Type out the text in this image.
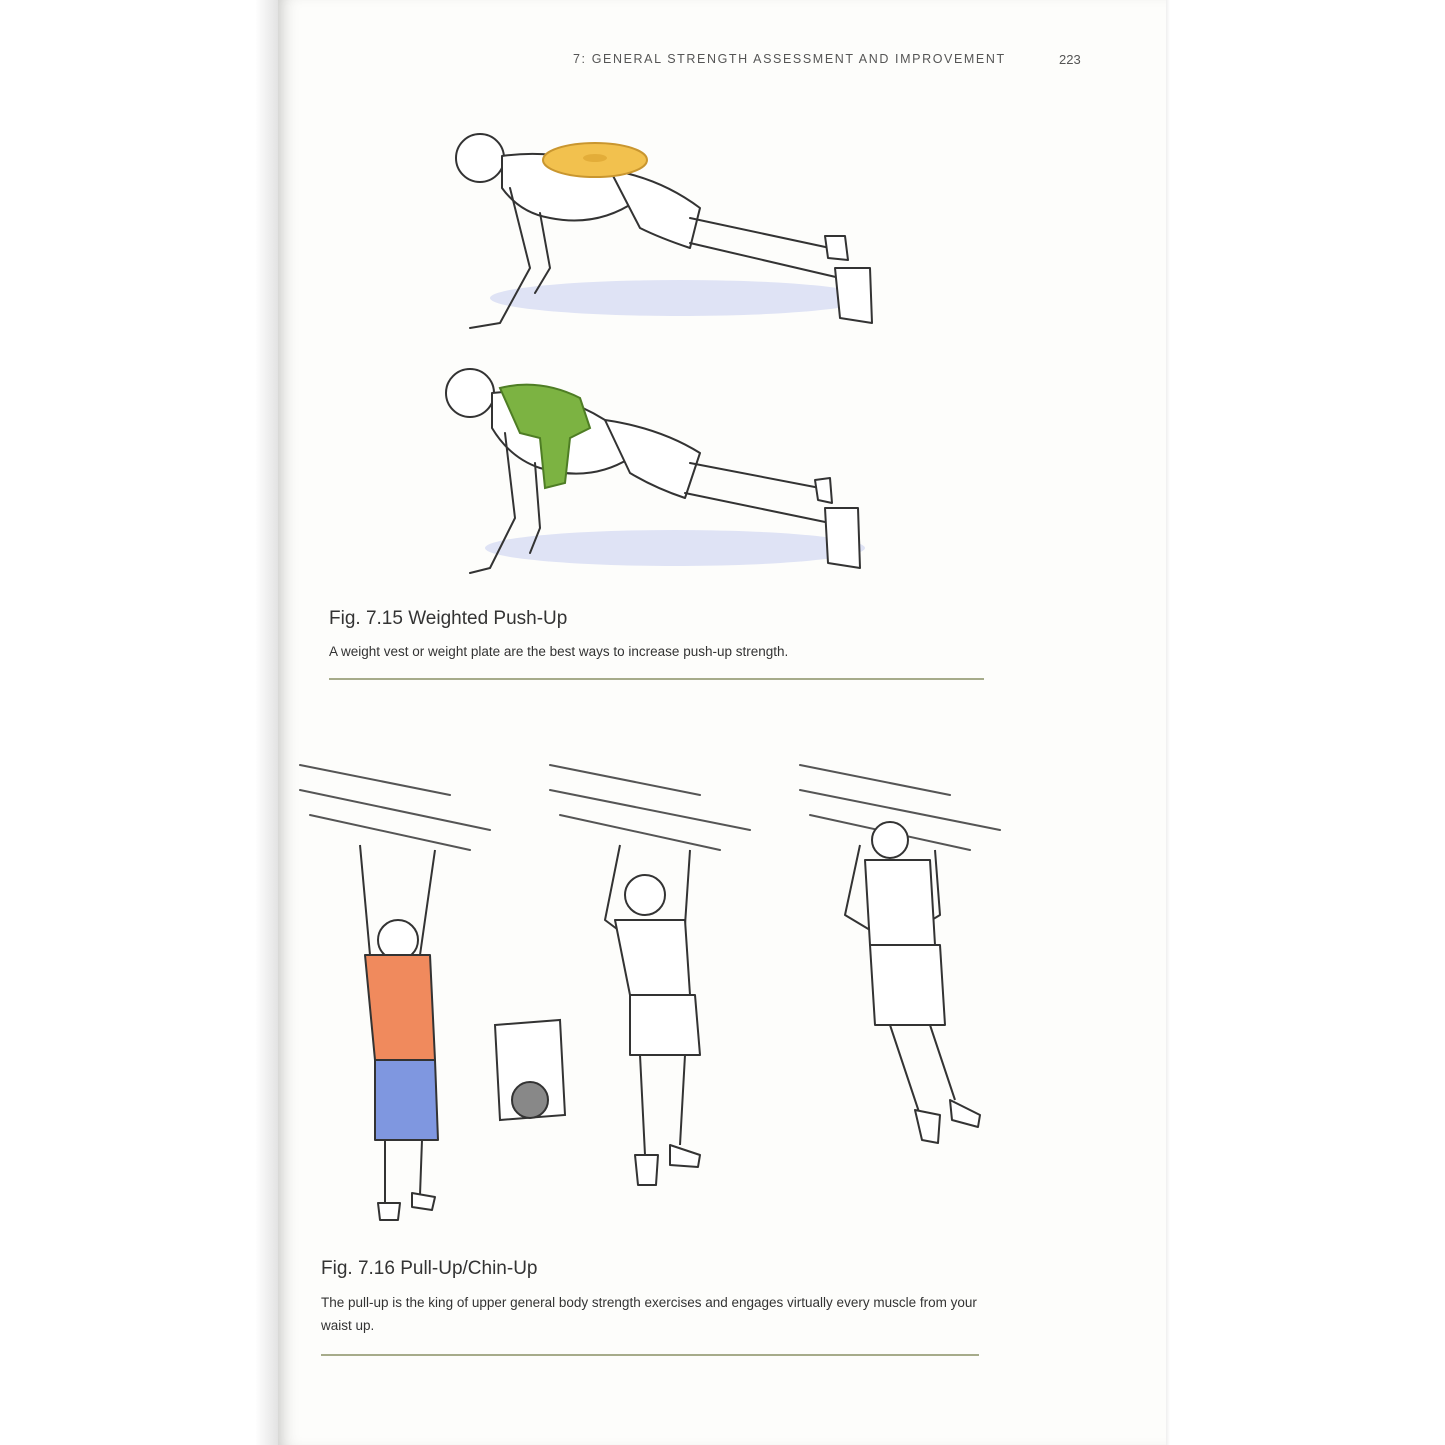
7: GENERAL STRENGTH ASSESSMENT AND IMPROVEMENT	223
Fig. 7.15 Weighted Push-Up
A weight vest or weight plate are the best ways to increase push-up strength.
Fig. 7.16 Pull-Up/Chin-Up
The pull-up is the king of upper general body strength exercises and engages virtually every muscle from your waist up.
